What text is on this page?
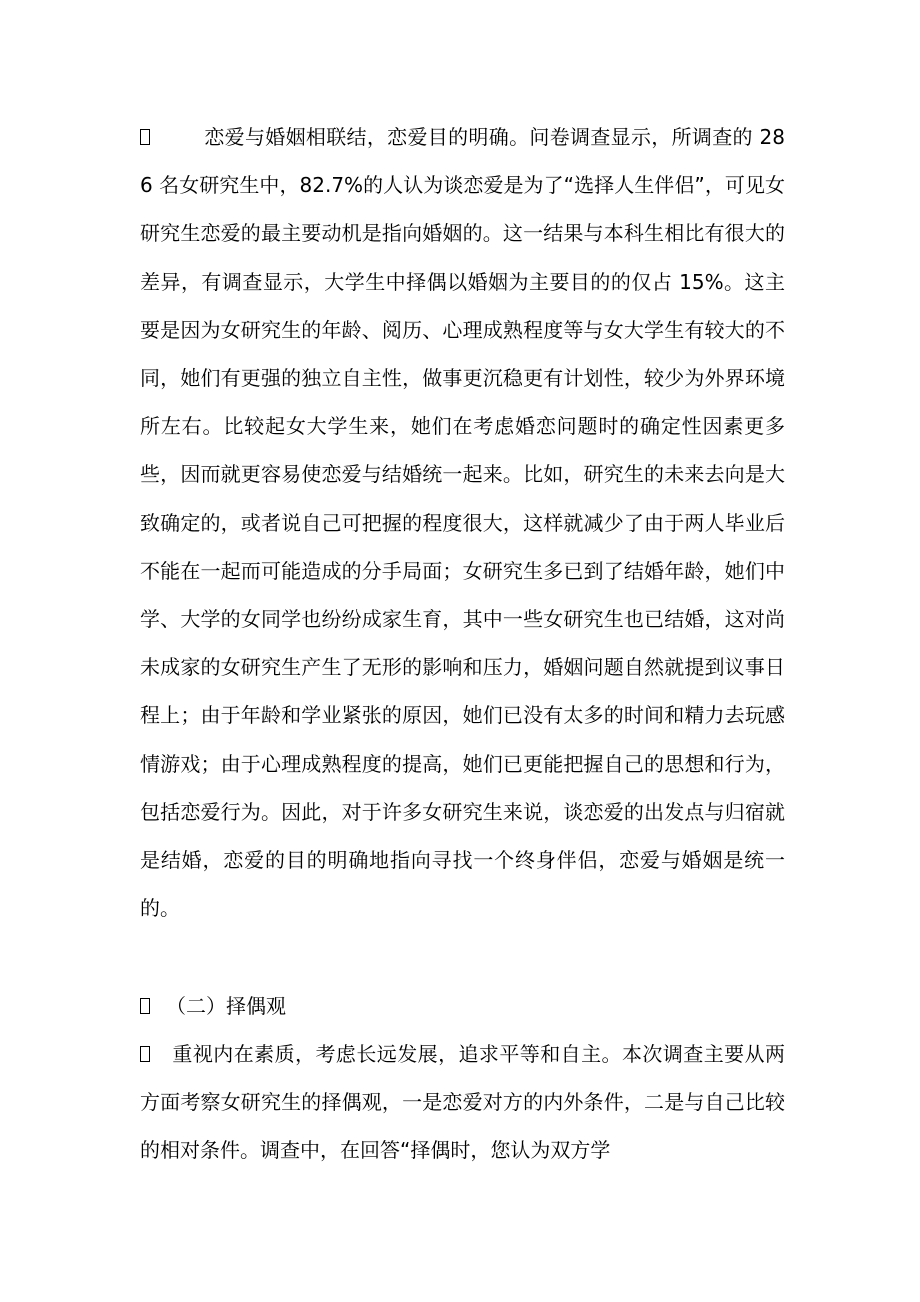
恋爱与婚姻相联结，恋爱目的明确。问卷调查显示，所调查的 286 名女研究生中，82.7%的人认为谈恋爱是为了“选择人生伴侣”，可见女研究生恋爱的最主要动机是指向婚姻的。这一结果与本科生相比有很大的差异，有调查显示，大学生中择偶以婚姻为主要目的的仅占 15%。这主要是因为女研究生的年龄、阅历、心理成熟程度等与女大学生有较大的不同，她们有更强的独立自主性，做事更沉稳更有计划性，较少为外界环境所左右。比较起女大学生来，她们在考虑婚恋问题时的确定性因素更多些，因而就更容易使恋爱与结婚统一起来。比如，研究生的未来去向是大致确定的，或者说自己可把握的程度很大，这样就减少了由于两人毕业后不能在一起而可能造成的分手局面；女研究生多已到了结婚年龄，她们中学、大学的女同学也纷纷成家生育，其中一些女研究生也已结婚，这对尚未成家的女研究生产生了无形的影响和压力，婚姻问题自然就提到议事日程上；由于年龄和学业紧张的原因，她们已没有太多的时间和精力去玩感情游戏；由于心理成熟程度的提高，她们已更能把握自己的思想和行为，包括恋爱行为。因此，对于许多女研究生来说，谈恋爱的出发点与归宿就是结婚，恋爱的目的明确地指向寻找一个终身伴侣，恋爱与婚姻是统一的。

（二）择偶观

重视内在素质，考虑长远发展，追求平等和自主。本次调查主要从两方面考察女研究生的择偶观，一是恋爱对方的内外条件，二是与自己比较的相对条件。调查中，在回答“择偶时，您认为双方学
